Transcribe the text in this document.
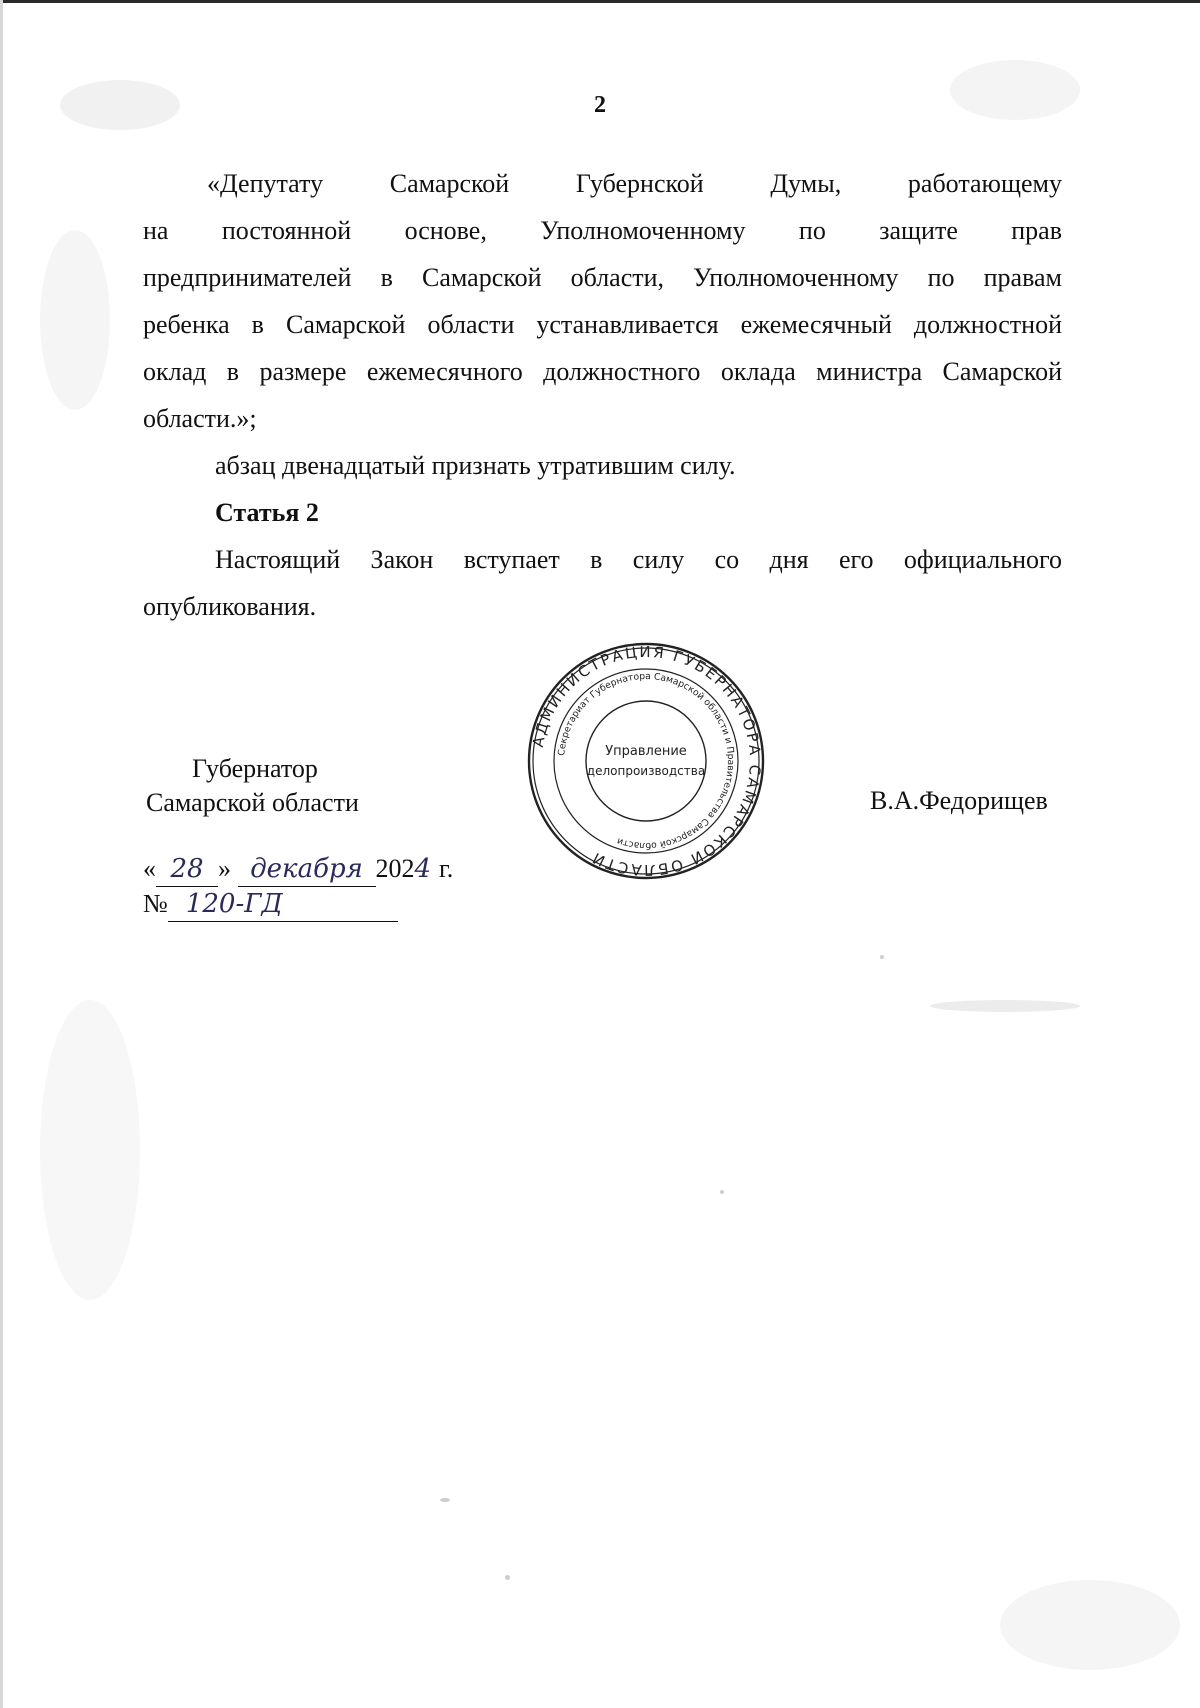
2
«Депутату Самарской Губернской Думы, работающему
на постоянной основе, Уполномоченному по защите прав
предпринимателей в Самарской области, Уполномоченному по правам
ребенка в Самарской области устанавливается ежемесячный должностной
оклад в размере ежемесячного должностного оклада министра Самарской
области.»;
абзац двенадцатый признать утратившим силу.
Статья 2
Настоящий Закон вступает в силу со дня его официального
опубликования.
Губернатор
Самарской области	В.А.Федорищев
АДМИНИСТРАЦИЯ ГУБЕРНАТОРА САМАРСКОЙ ОБЛАСТИ
Секретариат Губернатора Самарской области и Правительства Самарской области
Управление
делопроизводства
« 28 » декабря 2024 г.
№ 120-ГД
